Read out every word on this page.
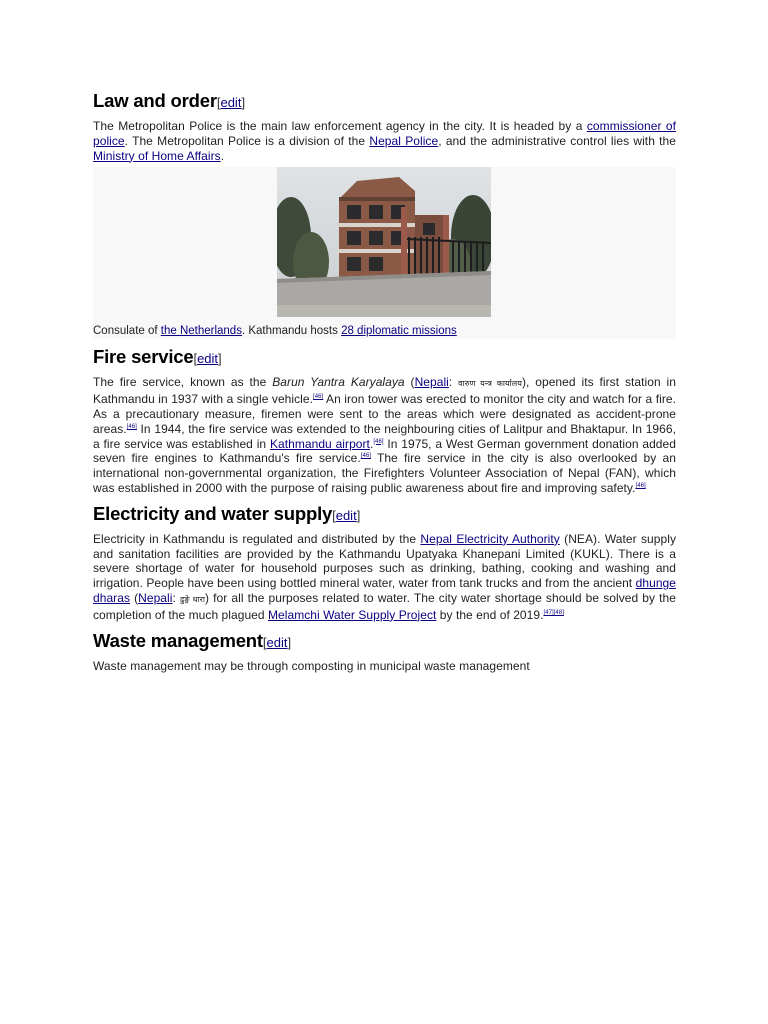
Law and order[edit]

The Metropolitan Police is the main law enforcement agency in the city. It is headed by a commissioner of police. The Metropolitan Police is a division of the Nepal Police, and the administrative control lies with the Ministry of Home Affairs.

Consulate of the Netherlands. Kathmandu hosts 28 diplomatic missions
Fire service[edit]

The fire service, known as the Barun Yantra Karyalaya (Nepali: वारुण यन्त्र कार्यालय), opened its first station in Kathmandu in 1937 with a single vehicle.[46] An iron tower was erected to monitor the city and watch for a fire. As a precautionary measure, firemen were sent to the areas which were designated as accident-prone areas.[46] In 1944, the fire service was extended to the neighbouring cities of Lalitpur and Bhaktapur. In 1966, a fire service was established in Kathmandu airport.[46] In 1975, a West German government donation added seven fire engines to Kathmandu's fire service.[46] The fire service in the city is also overlooked by an international non-governmental organization, the Firefighters Volunteer Association of Nepal (FAN), which was established in 2000 with the purpose of raising public awareness about fire and improving safety.[46]

Electricity and water supply[edit]

Electricity in Kathmandu is regulated and distributed by the Nepal Electricity Authority (NEA). Water supply and sanitation facilities are provided by the Kathmandu Upatyaka Khanepani Limited (KUKL). There is a severe shortage of water for household purposes such as drinking, bathing, cooking and washing and irrigation. People have been using bottled mineral water, water from tank trucks and from the ancient dhunge dharas (Nepali: ढुङ्गे धारा) for all the purposes related to water. The city water shortage should be solved by the completion of the much plagued Melamchi Water Supply Project by the end of 2019.[47][48]

Waste management[edit]

Waste management may be through composting in municipal waste management
